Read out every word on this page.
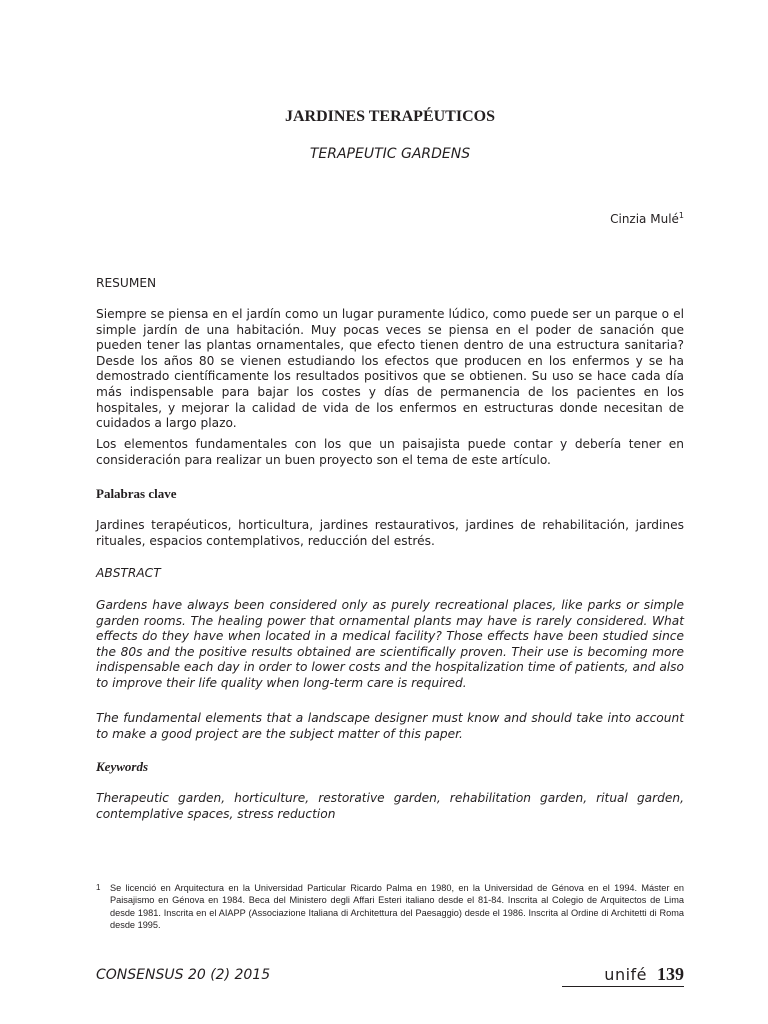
JARDINES TERAPÉUTICOS
TERAPEUTIC GARDENS
Cinzia Mulé$^1$
RESUMEN
Siempre se piensa en el jardín como un lugar puramente lúdico, como puede ser un parque o el simple jardín de una habitación. Muy pocas veces se piensa en el poder de sanación que pueden tener las plantas ornamentales, que efecto tienen dentro de una estructura sanitaria? Desde los años 80 se vienen estudiando los efectos que producen en los enfermos y se ha demostrado científicamente los resultados positivos que se obtienen. Su uso se hace cada día más indispensable para bajar los costes y días de permanencia de los pacientes en los hospitales, y mejorar la calidad de vida de los enfermos en estructuras donde necesitan de cuidados a largo plazo.
Los elementos fundamentales con los que un paisajista puede contar y debería tener en consideración para realizar un buen proyecto son el tema de este artículo.
Palabras clave
Jardines terapéuticos, horticultura, jardines restaurativos, jardines de rehabilitación, jardines rituales, espacios contemplativos, reducción del estrés.
ABSTRACT
Gardens have always been considered only as purely recreational places, like parks or simple garden rooms. The healing power that ornamental plants may have is rarely considered. What effects do they have when located in a medical facility? Those effects have been studied since the 80s and the positive results obtained are scientifically proven. Their use is becoming more indispensable each day in order to lower costs and the hospitalization time of patients, and also to improve their life quality when long-term care is required.
The fundamental elements that a landscape designer must know and should take into account to make a good project are the subject matter of this paper.
Keywords
Therapeutic garden, horticulture, restorative garden, rehabilitation garden, ritual garden, contemplative spaces, stress reduction
1 Se licenció en Arquitectura en la Universidad Particular Ricardo Palma en 1980, en la Universidad de Génova en el 1994. Máster en Paisajismo en Génova en 1984. Beca del Ministero degli Affari Esteri italiano desde el 81-84. Inscrita al Colegio de Arquitectos de Lima desde 1981. Inscrita en el AIAPP (Associazione Italiana di Architettura del Paesaggio) desde el 1986. Inscrita al Ordine di Architetti di Roma desde 1995.
CONSENSUS 20 (2) 2015	unifé 139
